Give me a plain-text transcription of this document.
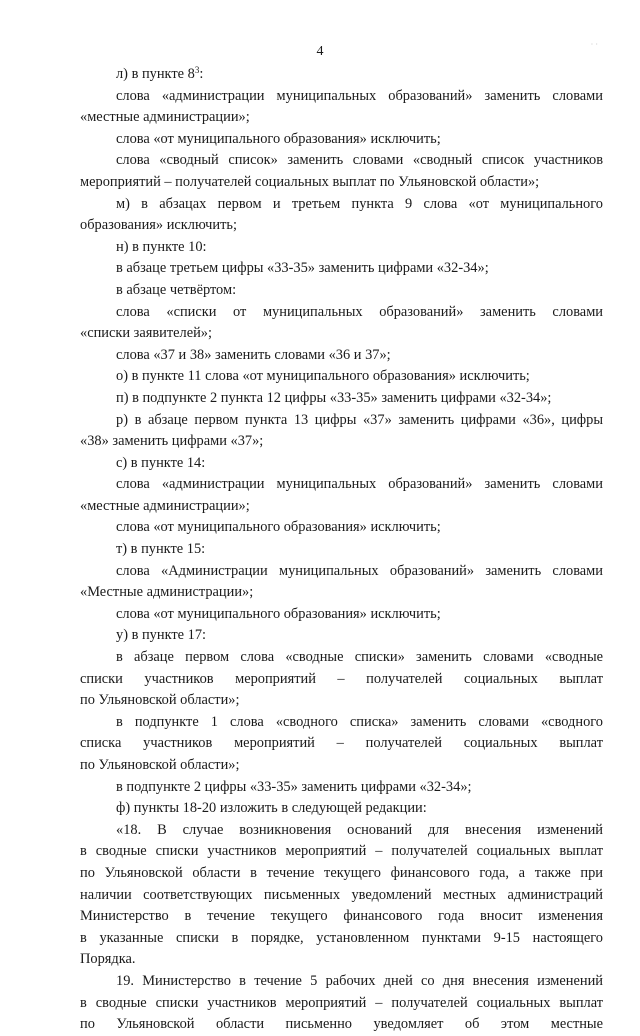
· ·
4
л) в пункте $8^3$:
слова «администрации муниципальных образований» заменить словами
«местные администрации»;
слова «от муниципального образования» исключить;
слова «сводный список» заменить словами «сводный список участников
мероприятий – получателей социальных выплат по Ульяновской области»;
м) в абзацах первом и третьем пункта 9 слова «от муниципального
образования» исключить;
н) в пункте 10:
в абзаце третьем цифры «33-35» заменить цифрами «32-34»;
в абзаце четвёртом:
слова «списки от муниципальных образований» заменить словами
«списки заявителей»;
слова «37 и 38» заменить словами «36 и 37»;
о) в пункте 11 слова «от муниципального образования» исключить;
п) в подпункте 2 пункта 12 цифры «33-35» заменить цифрами «32-34»;
р) в абзаце первом пункта 13 цифры «37» заменить цифрами «36», цифры
«38» заменить цифрами «37»;
с) в пункте 14:
слова «администрации муниципальных образований» заменить словами
«местные администрации»;
слова «от муниципального образования» исключить;
т) в пункте 15:
слова «Администрации муниципальных образований» заменить словами
«Местные администрации»;
слова «от муниципального образования» исключить;
у) в пункте 17:
в абзаце первом слова «сводные списки» заменить словами «сводные
списки участников мероприятий – получателей социальных выплат
по Ульяновской области»;
в подпункте 1 слова «сводного списка» заменить словами «сводного
списка участников мероприятий – получателей социальных выплат
по Ульяновской области»;
в подпункте 2 цифры «33-35» заменить цифрами «32-34»;
ф) пункты 18-20 изложить в следующей редакции:
«18. В случае возникновения оснований для внесения изменений
в сводные списки участников мероприятий – получателей социальных выплат
по Ульяновской области в течение текущего финансового года, а также при
наличии соответствующих письменных уведомлений местных администраций
Министерство в течение текущего финансового года вносит изменения
в указанные списки в порядке, установленном пунктами 9-15 настоящего
Порядка.
19. Министерство в течение 5 рабочих дней со дня внесения изменений
в сводные списки участников мероприятий – получателей социальных выплат
по Ульяновской области письменно уведомляет об этом местные
